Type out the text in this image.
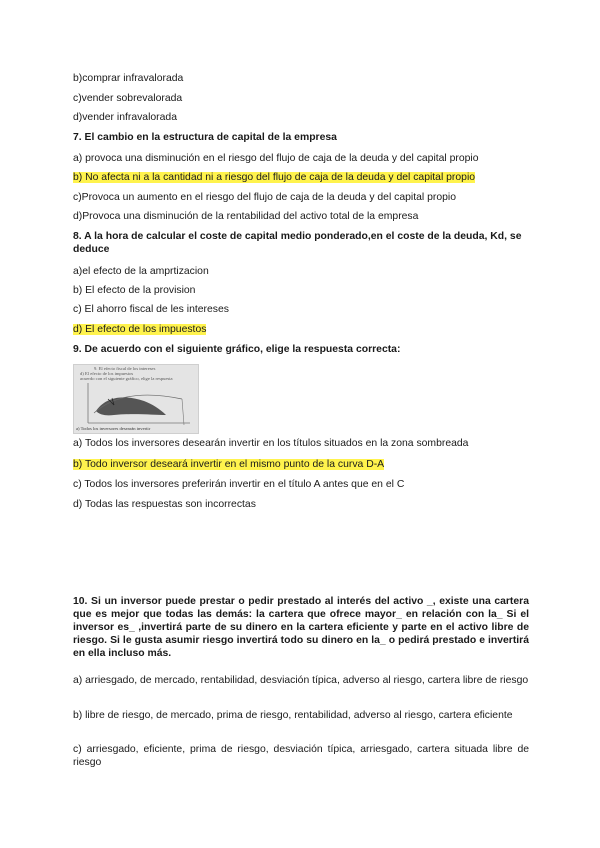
b)comprar infravalorada
c)vender sobrevalorada
d)vender infravalorada
7. El cambio en la estructura de capital de la empresa
a) provoca una disminución en el riesgo del flujo de caja de la deuda y del capital propio
b) No afecta ni a la cantidad ni a riesgo del flujo de caja de la deuda y del capital propio
c)Provoca un aumento en el riesgo del flujo de caja de la deuda y del capital propio
d)Provoca una disminución de la rentabilidad del activo total de la empresa
8. A la hora de calcular el coste de capital medio ponderado,en el coste de la deuda, Kd, se deduce
a)el efecto de la amprtizacion
b) El efecto de la provision
c) El ahorro fiscal de les intereses
d) El efecto de los impuestos
9. De acuerdo con el siguiente gráfico, elige la respuesta correcta:
9. El efecto fiscal de los intereses
d) El efecto de los impuestos
acuerdo con el siguiente gráfico, elige la respuesta
a) Todos los inversores desearán invertir
a) Todos los inversores desearán invertir en los títulos situados en la zona sombreada
b) Todo inversor deseará invertir en el mismo punto de la curva D-A
c) Todos los inversores preferirán invertir en el título A antes que en el C
d) Todas las respuestas son incorrectas
10. Si un inversor puede prestar o pedir prestado al interés del activo _, existe una cartera que es mejor que todas las demás: la cartera que ofrece mayor_ en relación con la_ Si el inversor es_ ,invertirá parte de su dinero en la cartera eficiente y parte en el activo libre de riesgo. Si le gusta asumir riesgo invertirá todo su dinero en la_ o pedirá prestado e invertirá en ella incluso más.
a) arriesgado, de mercado, rentabilidad, desviación típica, adverso al riesgo, cartera libre de riesgo
b) libre de riesgo, de mercado, prima de riesgo, rentabilidad, adverso al riesgo, cartera eficiente
c) arriesgado, eficiente, prima de riesgo, desviación típica, arriesgado, cartera situada libre de riesgo
